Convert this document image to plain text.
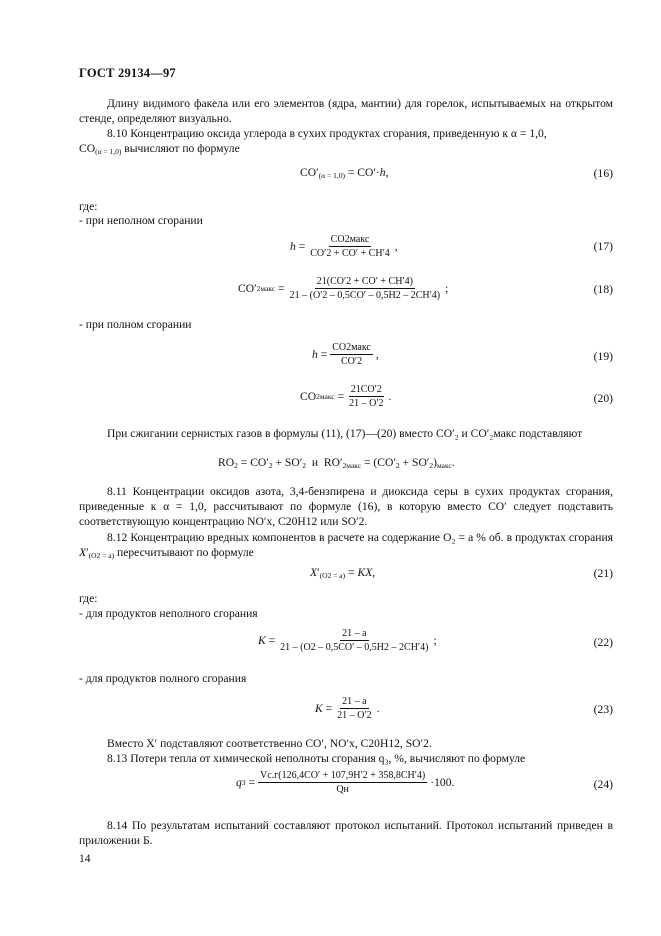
ГОСТ 29134—97
Длину видимого факела или его элементов (ядра, мантии) для горелок, испытываемых на открытом стенде, определяют визуально.
8.10 Концентрацию оксида углерода в сухих продуктах сгорания, приведенную к α = 1,0,
$CO_{(\alpha = 1,0)}$ вычисляют по формуле
$CO'_{(\alpha = 1,0)} = CO'\cdot h$,	(16)
где:
- при неполном сгорании
$h = \frac{\text{CO2макс}}{CO'2 + CO' + CH'4}$ ,	(17)
CO′ 2макс = $\frac{21(CO'2 + CO' + CH'4)}{21 - (O'2 - 0,5CO' - 0,5H2 - 2CH'4)}$ ;	(18)
- при полном сгорании
$h = \frac{\text{CO2макс}}{CO'2}$ ,	(19)
CO 2макс = $\frac{21CO'2}{21 - O'2}$ .	(20)
При сжигании сернистых газов в формулы (11), (17)—(20) вместо CO′₂ и CO′₂макс подставляют
$RO_2 = CO'_2 + SO'_2$  и  $RO'_{2макс} = (CO'_2 + SO'_2)_{макс}$.
8.11 Концентрации оксидов азота, 3,4-бензпирена и диоксида серы в сухих продуктах сгорания, приведенные к α = 1,0, рассчитывают по формуле (16), в которую вместо CO′ следует подставить соответствующую концентрацию NO′x, C20H12 или SO′2.
8.12 Концентрацию вредных компонентов в расчете на содержание O₂ = a % об. в продуктах сгорания $X'_{(O2 = a)}$ пересчитывают по формуле
$X'_{(O2 = a)}$ = KX,	(21)
где:
- для продуктов неполного сгорания
$K = \frac{21 - a}{21 - (O2 - 0,5CO' - 0,5H2 - 2CH'4)}$ ;	(22)
- для продуктов полного сгорания
$K = \frac{21 - a}{21 - O'2}$ .	(23)
Вместо X′ подставляют соответственно CO′, NO′x, C20H12, SO′2.
8.13 Потери тепла от химической неполноты сгорания q₃, %, вычисляют по формуле
q $3 = \frac{Vс.г(126,4CO' + 107,9H'2 + 358,8CH'4)}{Qн} \cdot 100$.	(24)
8.14 По результатам испытаний составляют протокол испытаний. Протокол испытаний приведен в приложении Б.
14
